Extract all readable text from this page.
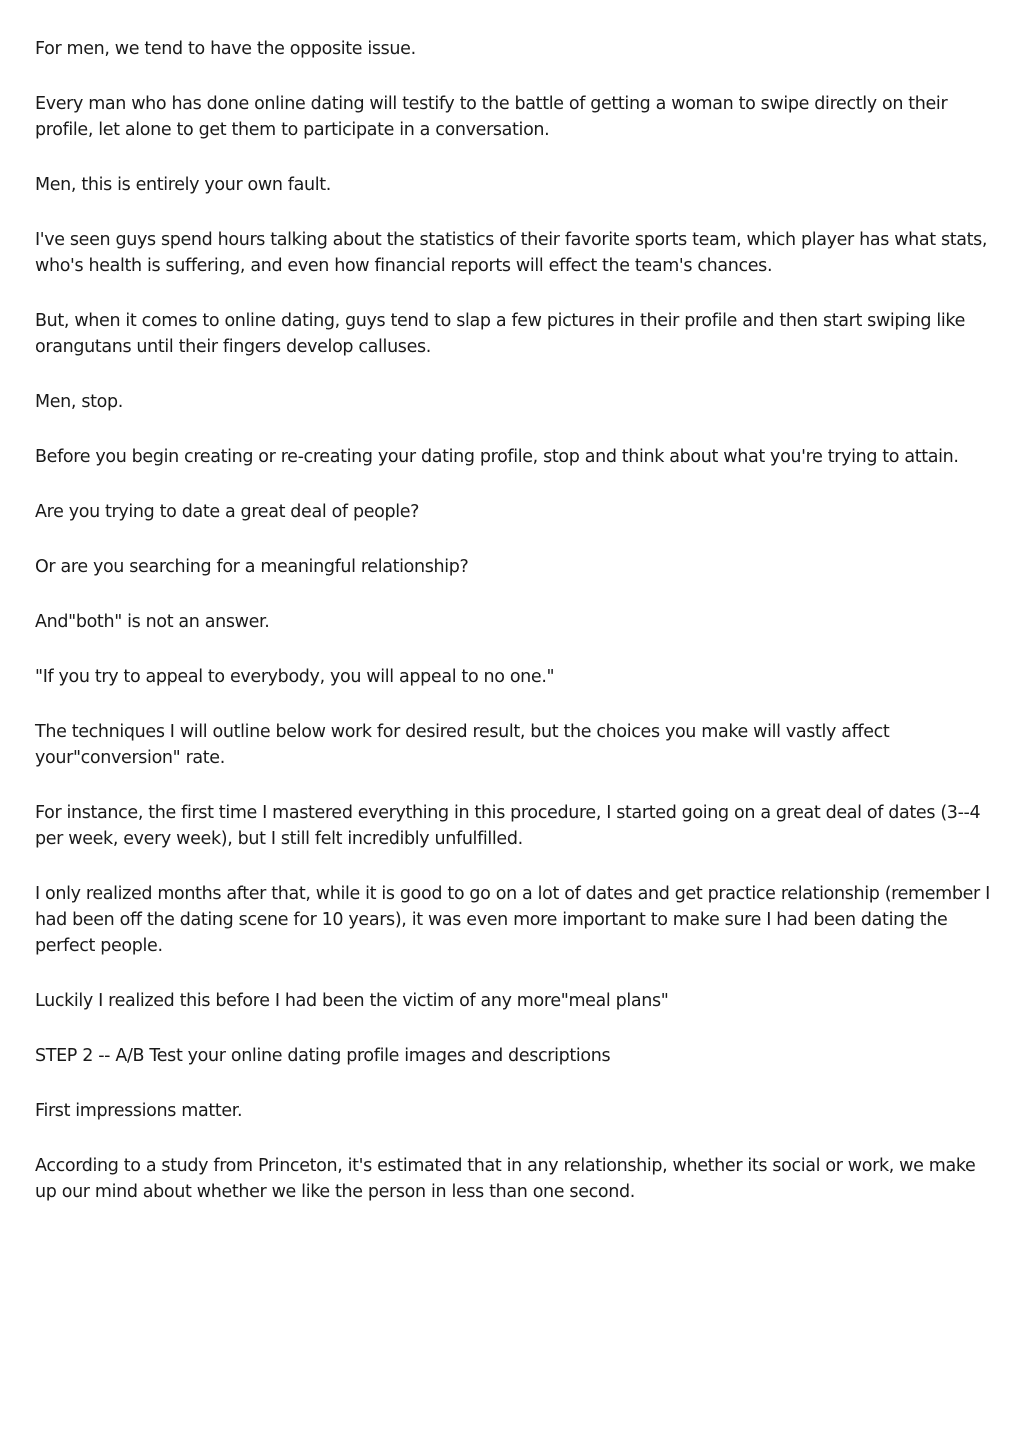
For men, we tend to have the opposite issue.

Every man who has done online dating will testify to the battle of getting a woman to swipe directly on their profile, let alone to get them to participate in a conversation.

Men, this is entirely your own fault.

I've seen guys spend hours talking about the statistics of their favorite sports team, which player has what stats, who's health is suffering, and even how financial reports will effect the team's chances.

But, when it comes to online dating, guys tend to slap a few pictures in their profile and then start swiping like orangutans until their fingers develop calluses.

Men, stop.

Before you begin creating or re-creating your dating profile, stop and think about what you're trying to attain.

Are you trying to date a great deal of people?

Or are you searching for a meaningful relationship?

And"both" is not an answer.

"If you try to appeal to everybody, you will appeal to no one."

The techniques I will outline below work for desired result, but the choices you make will vastly affect your"conversion" rate.

For instance, the first time I mastered everything in this procedure, I started going on a great deal of dates (3--4 per week, every week), but I still felt incredibly unfulfilled.

I only realized months after that, while it is good to go on a lot of dates and get practice relationship (remember I had been off the dating scene for 10 years), it was even more important to make sure I had been dating the perfect people.

Luckily I realized this before I had been the victim of any more"meal plans"

STEP 2 -- A/B Test your online dating profile images and descriptions

First impressions matter.

According to a study from Princeton, it's estimated that in any relationship, whether its social or work, we make up our mind about whether we like the person in less than one second.
